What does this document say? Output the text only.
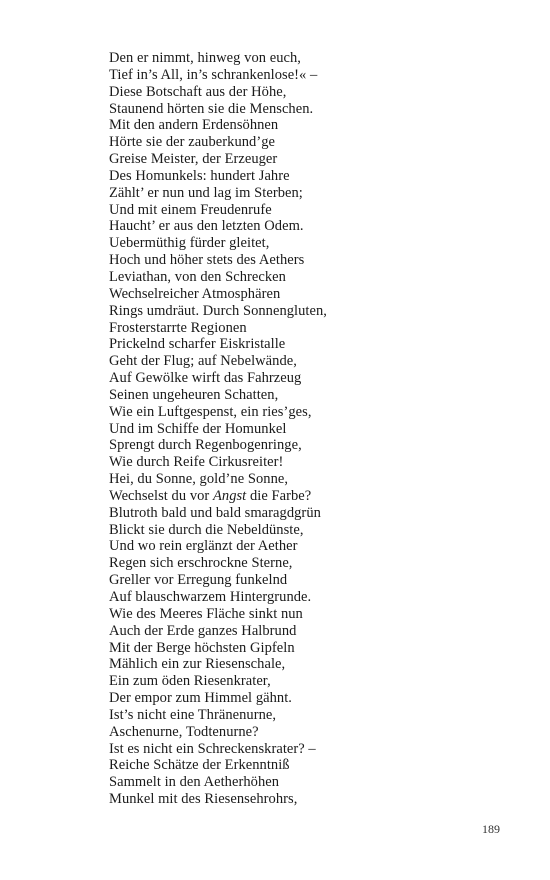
Den er nimmt, hinweg von euch,
Tief in’s All, in’s schrankenlose!« –
Diese Botschaft aus der Höhe,
Staunend hörten sie die Menschen.
Mit den andern Erdensöhnen
Hörte sie der zauberkund’ge
Greise Meister, der Erzeuger
Des Homunkels: hundert Jahre
Zählt’ er nun und lag im Sterben;
Und mit einem Freudenrufe
Haucht’ er aus den letzten Odem.
Uebermüthig fürder gleitet,
Hoch und höher stets des Aethers
Leviathan, von den Schrecken
Wechselreicher Atmosphären
Rings umdräut. Durch Sonnengluten,
Frosterstarrte Regionen
Prickelnd scharfer Eiskristalle
Geht der Flug; auf Nebelwände,
Auf Gewölke wirft das Fahrzeug
Seinen ungeheuren Schatten,
Wie ein Luftgespenst, ein ries’ges,
Und im Schiffe der Homunkel
Sprengt durch Regenbogenringe,
Wie durch Reife Cirkusreiter!
Hei, du Sonne, gold’ne Sonne,
Wechselst du vor Angst die Farbe?
Blutroth bald und bald smaragdgrün
Blickt sie durch die Nebeldünste,
Und wo rein erglänzt der Aether
Regen sich erschrockne Sterne,
Greller vor Erregung funkelnd
Auf blauschwarzem Hintergrunde.
Wie des Meeres Fläche sinkt nun
Auch der Erde ganzes Halbrund
Mit der Berge höchsten Gipfeln
Mählich ein zur Riesenschale,
Ein zum öden Riesenkrater,
Der empor zum Himmel gähnt.
Ist’s nicht eine Thränenurne,
Aschenurne, Todtenurne?
Ist es nicht ein Schreckenskrater? –
Reiche Schätze der Erkenntniß
Sammelt in den Aetherhöhen
Munkel mit des Riesensehrohrs,
189
